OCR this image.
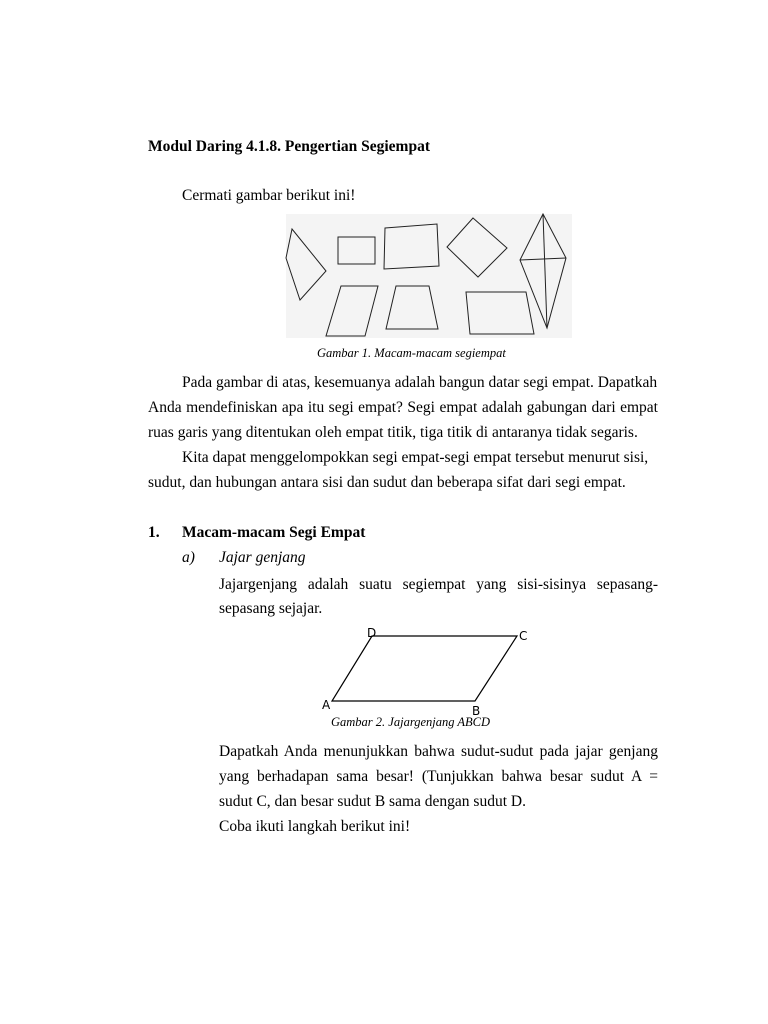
Modul Daring 4.1.8. Pengertian Segiempat
Cermati gambar berikut ini!
Gambar 1. Macam-macam segiempat
Pada gambar di atas, kesemuanya adalah bangun datar segi empat. Dapatkah
Anda mendefiniskan apa itu segi empat? Segi empat adalah gabungan dari empat
ruas garis yang ditentukan oleh empat titik, tiga titik di antaranya tidak segaris.
Kita dapat menggelompokkan segi empat-segi empat tersebut menurut sisi,
sudut, dan hubungan antara sisi dan sudut dan beberapa sifat dari segi empat.
1. Macam-macam Segi Empat
a) Jajar genjang
Jajargenjang adalah suatu segiempat yang sisi-sisinya sepasang-
sepasang sejajar.
D	C
A	B
Gambar 2. Jajargenjang ABCD
Dapatkah Anda menunjukkan bahwa sudut-sudut pada jajar genjang
yang berhadapan sama besar! (Tunjukkan bahwa besar sudut A =
sudut C, dan besar sudut B sama dengan sudut D.
Coba ikuti langkah berikut ini!
